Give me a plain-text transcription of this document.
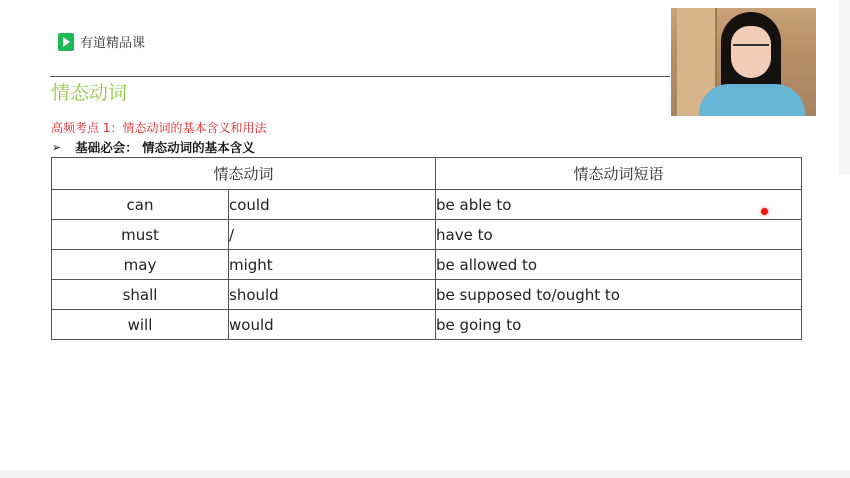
有道精品课
情态动词
高频考点 1：情态动词的基本含义和用法
➢ 基础必会： 情态动词的基本含义
情态动词		情态动词短语
can	could	be able to
must	/	have to
may	might	be allowed to
shall	should	be supposed to/ought to
will	would	be going to
